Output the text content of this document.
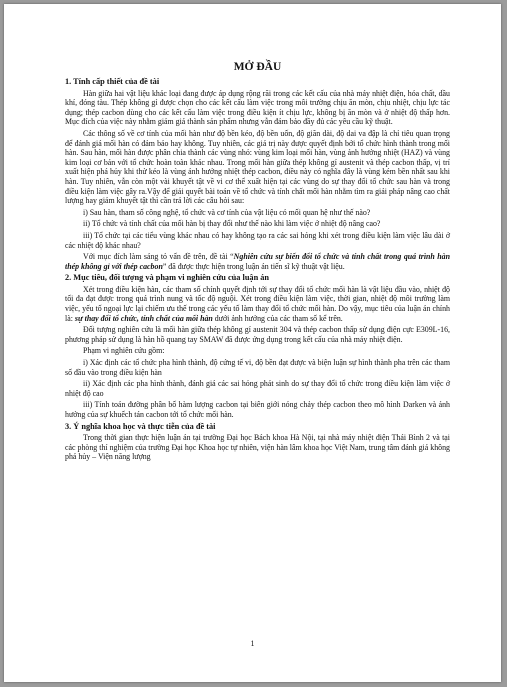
MỞ ĐẦU
1. Tính cấp thiết của đề tài
Hàn giữa hai vật liệu khác loại đang được áp dụng rộng rãi trong các kết cấu của nhà máy nhiệt điện, hóa chất, dầu khí, đóng tàu. Thép không gỉ được chọn cho các kết cấu làm việc trong môi trường chịu ăn mòn, chịu nhiệt, chịu lực tác dụng; thép cacbon dùng cho các kết cấu làm việc trong điều kiện ít chịu lực, không bị ăn mòn và ở nhiệt độ thấp hơn. Mục đích của việc này nhằm giảm giá thành sản phẩm nhưng vẫn đảm bảo đầy đủ các yêu cầu kỹ thuật.
Các thông số về cơ tính của mối hàn như độ bền kéo, độ bền uốn, độ giãn dài, độ dai va đập là chỉ tiêu quan trọng để đánh giá mối hàn có đảm bảo hay không. Tuy nhiên, các giá trị này được quyết định bởi tổ chức hình thành trong mối hàn. Sau hàn, mối hàn được phân chia thành các vùng nhỏ: vùng kim loại mối hàn, vùng ảnh hưởng nhiệt (HAZ) và vùng kim loại cơ bản với tổ chức hoàn toàn khác nhau. Trong mối hàn giữa thép không gỉ austenit và thép cacbon thấp, vị trí xuất hiện phá hủy khi thử kéo là vùng ảnh hưởng nhiệt thép cacbon, điều này có nghĩa đây là vùng kém bền nhất sau khi hàn. Tuy nhiên, vẫn còn một vài khuyết tật về vi cơ thể xuất hiện tại các vùng do sự thay đổi tổ chức sau hàn và trong điều kiện làm việc gây ra.Vậy để giải quyết bài toán về tổ chức và tính chất mối hàn nhằm tìm ra giải pháp nâng cao chất lượng hay giảm khuyết tật thì cần trả lời các câu hỏi sau:
i) Sau hàn, tham số công nghệ, tổ chức và cơ tính của vật liệu có mối quan hệ như thế nào?
ii) Tổ chức và tính chất của mối hàn bị thay đổi như thế nào khi làm việc ở nhiệt độ nâng cao?
iii) Tổ chức tại các tiểu vùng khác nhau có hay không tạo ra các sai hỏng khi xét trong điều kiện làm việc lâu dài ở các nhiệt độ khác nhau?
Với mục đích làm sáng tỏ vấn đề trên, đề tài “Nghiên cứu sự biến đổi tổ chức và tính chất trong quá trình hàn thép không gỉ với thép cacbon” đã được thực hiện trong luận án tiến sĩ kỹ thuật vật liệu.
2. Mục tiêu, đối tượng và phạm vi nghiên cứu của luận án
Xét trong điều kiện hàn, các tham số chính quyết định tới sự thay đổi tổ chức mối hàn là vật liệu đầu vào, nhiệt độ tối đa đạt được trong quá trình nung và tốc độ nguội. Xét trong điều kiện làm việc, thời gian, nhiệt độ môi trường làm việc, yếu tố ngoại lực lại chiếm ưu thế trong các yếu tố làm thay đổi tổ chức mối hàn. Do vậy, mục tiêu của luận án chính là: sự thay đổi tổ chức, tính chất của mối hàn dưới ảnh hưởng của các tham số kể trên.
Đối tượng nghiên cứu là mối hàn giữa thép không gỉ austenit 304 và thép cacbon thấp sử dụng điện cực E309L-16, phương pháp sử dụng là hàn hồ quang tay SMAW đã được ứng dụng trong kết cấu của nhà máy nhiệt điện.
Phạm vi nghiên cứu gồm:
i) Xác định các tổ chức pha hình thành, độ cứng tế vi, độ bền đạt được và biện luận sự hình thành pha trên các tham số đầu vào trong điều kiện hàn
ii) Xác định các pha hình thành, đánh giá các sai hỏng phát sinh do sự thay đổi tổ chức trong điều kiện làm việc ở nhiệt độ cao
iii) Tính toán đường phân bố hàm lượng cacbon tại biên giới nóng chảy thép cacbon theo mô hình Darken và ảnh hưởng của sự khuếch tán cacbon tới tổ chức mối hàn.
3. Ý nghĩa khoa học và thực tiễn của đề tài
Trong thời gian thực hiện luận án tại trường Đại học Bách khoa Hà Nội, tại nhà máy nhiệt điện Thái Bình 2 và tại các phòng thí nghiệm của trường Đại học Khoa học tự nhiên, viện hàn lâm khoa học Việt Nam, trung tâm đánh giá không phá hủy – Viện năng lượng
1
